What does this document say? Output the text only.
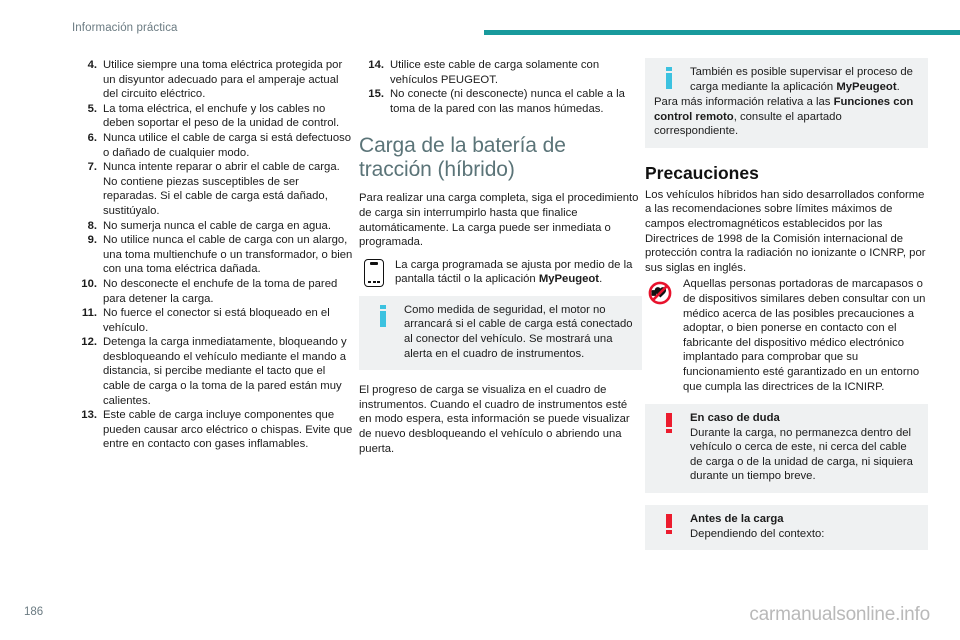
Información práctica
4. Utilice siempre una toma eléctrica protegida por un disyuntor adecuado para el amperaje actual del circuito eléctrico.
5. La toma eléctrica, el enchufe y los cables no deben soportar el peso de la unidad de control.
6. Nunca utilice el cable de carga si está defectuoso o dañado de cualquier modo.
7. Nunca intente reparar o abrir el cable de carga. No contiene piezas susceptibles de ser reparadas. Si el cable de carga está dañado, sustitúyalo.
8. No sumerja nunca el cable de carga en agua.
9. No utilice nunca el cable de carga con un alargo, una toma multienchufe o un transformador, o bien con una toma eléctrica dañada.
10. No desconecte el enchufe de la toma de pared para detener la carga.
11. No fuerce el conector si está bloqueado en el vehículo.
12. Detenga la carga inmediatamente, bloqueando y desbloqueando el vehículo mediante el mando a distancia, si percibe mediante el tacto que el cable de carga o la toma de la pared están muy calientes.
13. Este cable de carga incluye componentes que pueden causar arco eléctrico o chispas. Evite que entre en contacto con gases inflamables.
14. Utilice este cable de carga solamente con vehículos PEUGEOT.
15. No conecte (ni desconecte) nunca el cable a la toma de la pared con las manos húmedas.
Carga de la batería de tracción (híbrido)

Para realizar una carga completa, siga el procedimiento de carga sin interrumpirlo hasta que finalice automáticamente. La carga puede ser inmediata o programada.

La carga programada se ajusta por medio de la pantalla táctil o la aplicación MyPeugeot.
Como medida de seguridad, el motor no arrancará si el cable de carga está conectado al conector del vehículo. Se mostrará una alerta en el cuadro de instrumentos.

El progreso de carga se visualiza en el cuadro de instrumentos. Cuando el cuadro de instrumentos esté en modo espera, esta información se puede visualizar de nuevo desbloqueando el vehículo o abriendo una puerta.

También es posible supervisar el proceso de carga mediante la aplicación MyPeugeot.
Para más información relativa a las Funciones con control remoto, consulte el apartado correspondiente.
Precauciones

Los vehículos híbridos han sido desarrollados conforme a las recomendaciones sobre límites máximos de campos electromagnéticos establecidos por las Directrices de 1998 de la Comisión internacional de protección contra la radiación no ionizante o ICNRP, por sus siglas en inglés.

Aquellas personas portadoras de marcapasos o de dispositivos similares deben consultar con un médico acerca de las posibles precauciones a adoptar, o bien ponerse en contacto con el fabricante del dispositivo médico electrónico implantado para comprobar que su funcionamiento esté garantizado en un entorno que cumpla las directrices de la ICNIRP.
En caso de duda
Durante la carga, no permanezca dentro del vehículo o cerca de este, ni cerca del cable de carga o de la unidad de carga, ni siquiera durante un tiempo breve.
Antes de la carga
Dependiendo del contexto:
186	carmanualsonline.info
